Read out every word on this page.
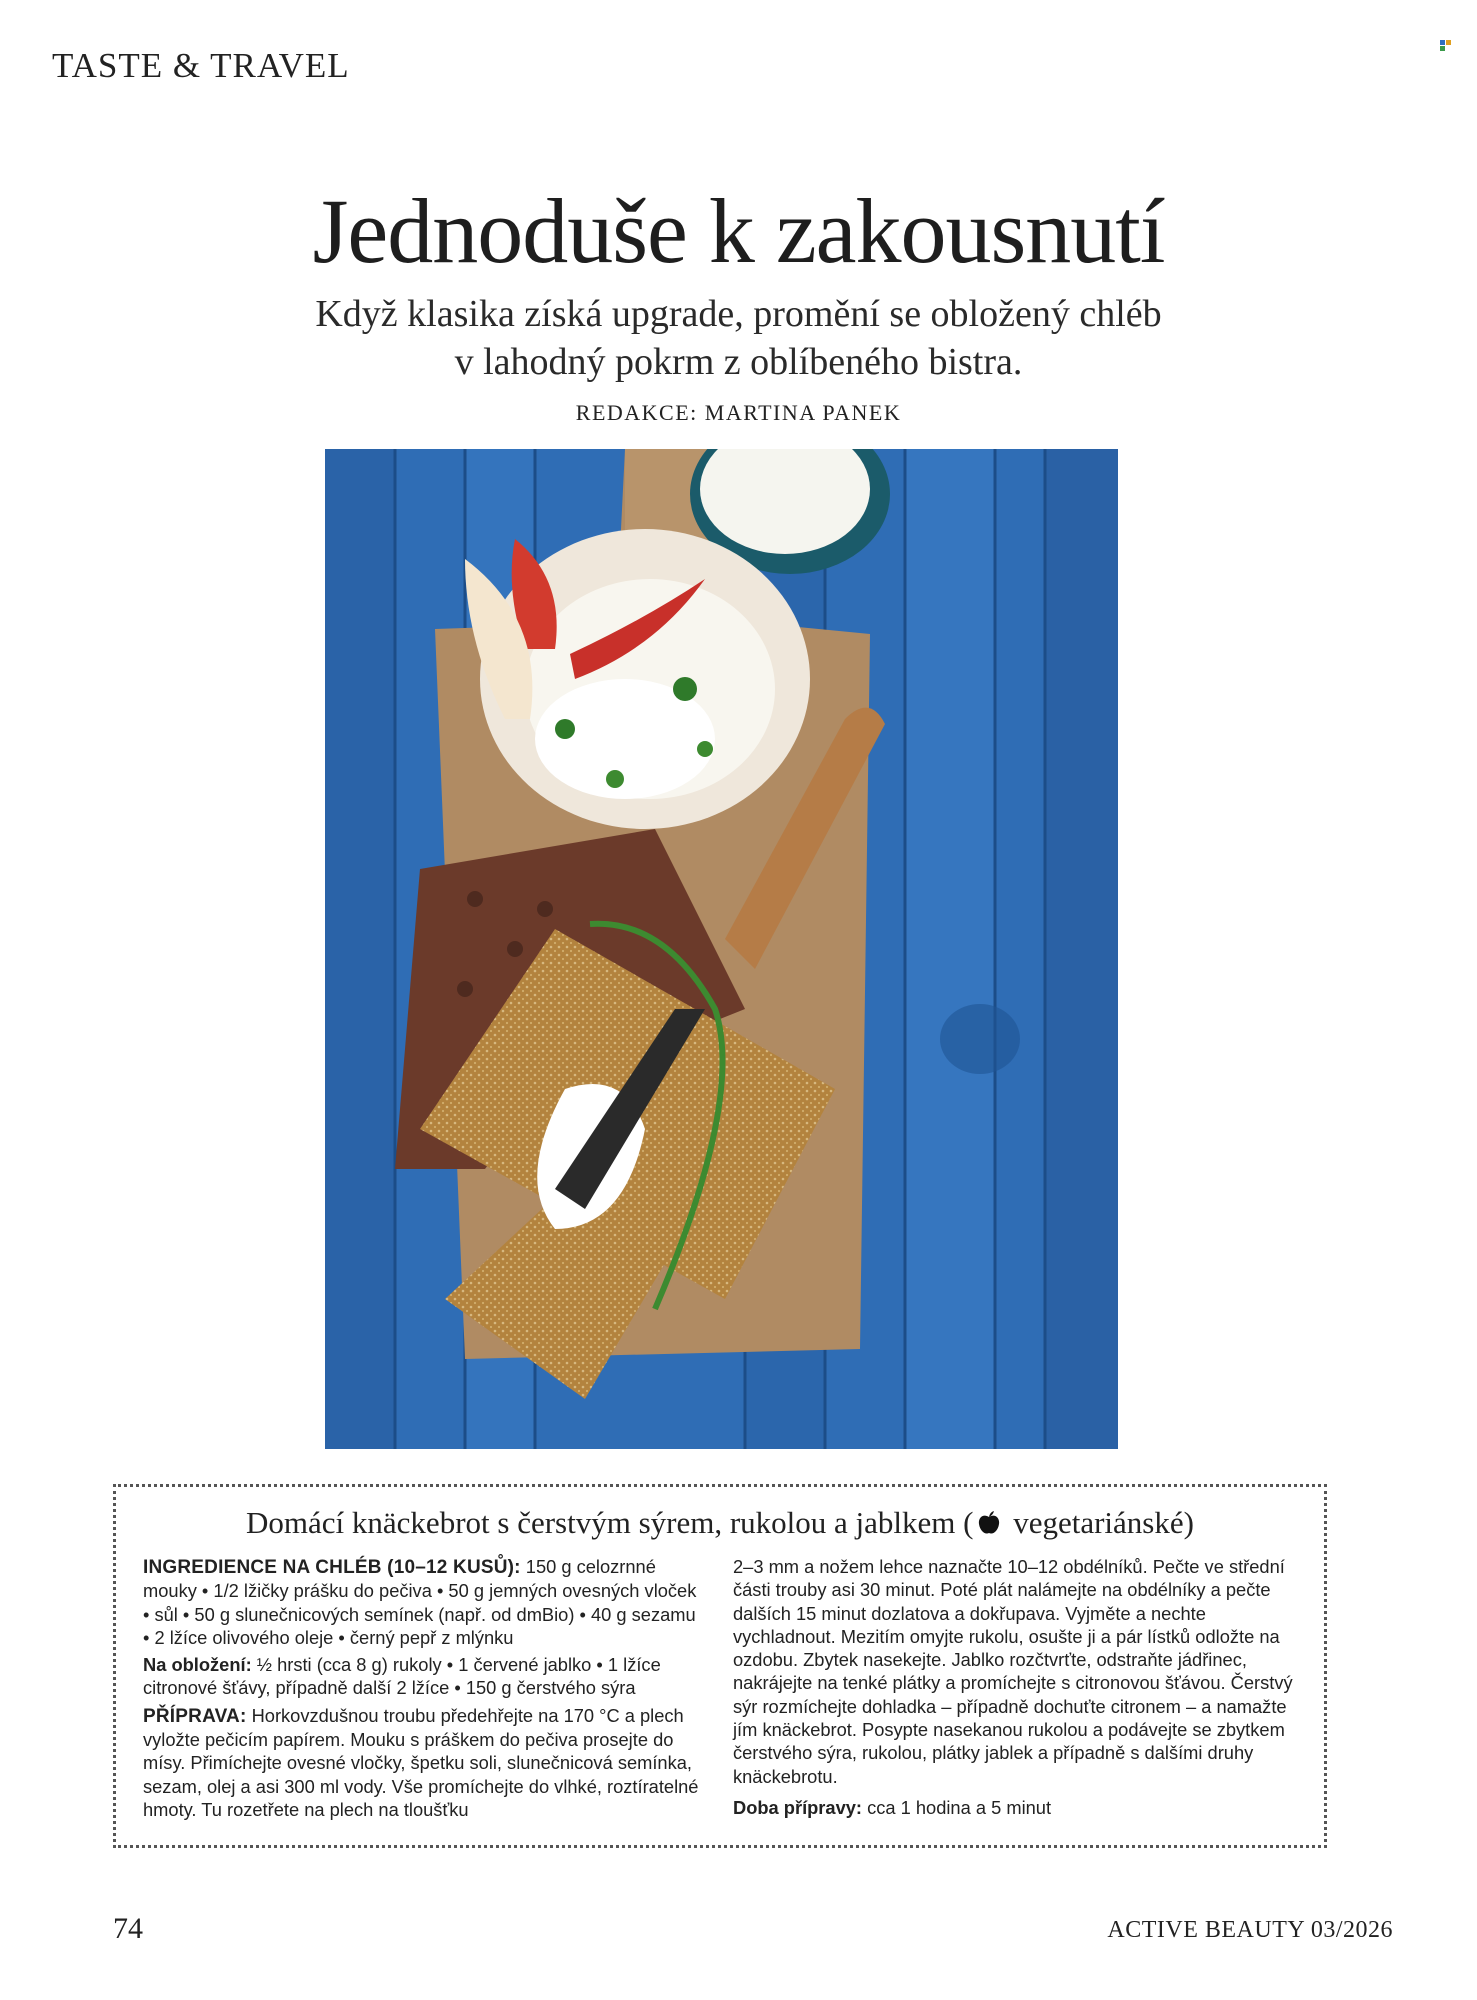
TASTE & TRAVEL
Jednoduše k zakousnutí
Když klasika získá upgrade, promění se obložený chléb
v lahodný pokrm z oblíbeného bistra.
REDAKCE: MARTINA PANEK
Domácí knäckebrot s čerstvým sýrem, rukolou a jablkem ( vegetariánské)

INGREDIENCE NA CHLÉB (10–12 KUSŮ): 150 g celozrnné mouky • 1/2 lžičky prášku do pečiva • 50 g jemných ovesných vloček • sůl • 50 g slunečnicových semínek (např. od dmBio) • 40 g sezamu • 2 lžíce olivového oleje • černý pepř z mlýnku

Na obložení: ½ hrsti (cca 8 g) rukoly • 1 červené jablko • 1 lžíce citronové šťávy, případně další 2 lžíce • 150 g čerstvého sýra

PŘÍPRAVA: Horkovzdušnou troubu předehřejte na 170 °C a plech vyložte pečicím papírem. Mouku s práškem do pečiva prosejte do mísy. Přimíchejte ovesné vločky, špetku soli, slunečnicová semínka, sezam, olej a asi 300 ml vody. Vše promíchejte do vlhké, roztíratelné hmoty. Tu rozetřete na plech na tloušťku

2–3 mm a nožem lehce naznačte 10–12 obdélníků. Pečte ve střední části trouby asi 30 minut. Poté plát nalámejte na obdélníky a pečte dalších 15 minut dozlatova a dokřupava. Vyjměte a nechte vychladnout. Mezitím omyjte rukolu, osušte ji a pár lístků odložte na ozdobu. Zbytek nasekejte. Jablko rozčtvrťte, odstraňte jádřinec, nakrájejte na tenké plátky a promíchejte s citronovou šťávou. Čerstvý sýr rozmíchejte dohladka – případně dochuťte citronem – a namažte jím knäckebrot. Posypte nasekanou rukolou a podávejte se zbytkem čerstvého sýra, rukolou, plátky jablek a případně s dalšími druhy knäckebrotu.

Doba přípravy: cca 1 hodina a 5 minut

74	ACTIVE BEAUTY 03/2026
